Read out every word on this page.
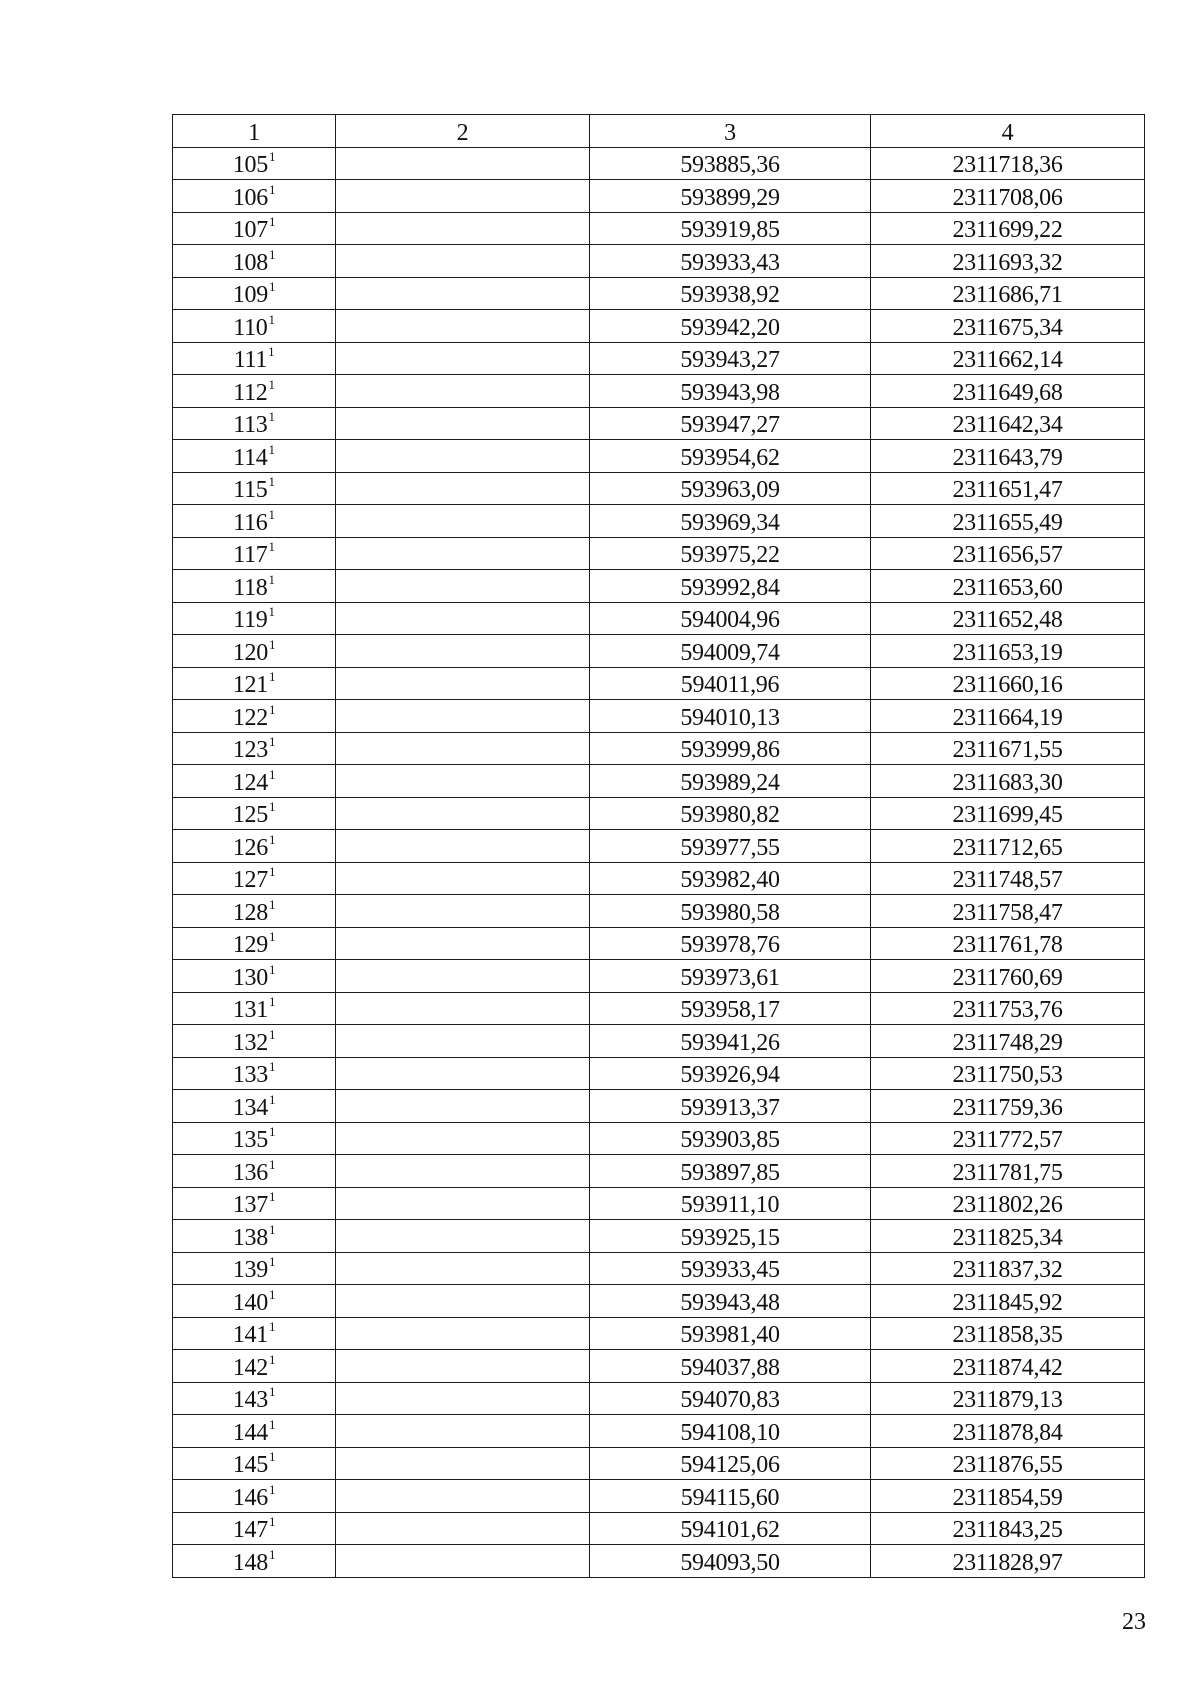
1	2	3	4
$105^1$		593885,36	2311718,36
$106^1$		593899,29	2311708,06
$107^1$		593919,85	2311699,22
$108^1$		593933,43	2311693,32
$109^1$		593938,92	2311686,71
$110^1$		593942,20	2311675,34
$111^1$		593943,27	2311662,14
$112^1$		593943,98	2311649,68
$113^1$		593947,27	2311642,34
$114^1$		593954,62	2311643,79
$115^1$		593963,09	2311651,47
$116^1$		593969,34	2311655,49
$117^1$		593975,22	2311656,57
$118^1$		593992,84	2311653,60
$119^1$		594004,96	2311652,48
$120^1$		594009,74	2311653,19
$121^1$		594011,96	2311660,16
$122^1$		594010,13	2311664,19
$123^1$		593999,86	2311671,55
$124^1$		593989,24	2311683,30
$125^1$		593980,82	2311699,45
$126^1$		593977,55	2311712,65
$127^1$		593982,40	2311748,57
$128^1$		593980,58	2311758,47
$129^1$		593978,76	2311761,78
$130^1$		593973,61	2311760,69
$131^1$		593958,17	2311753,76
$132^1$		593941,26	2311748,29
$133^1$		593926,94	2311750,53
$134^1$		593913,37	2311759,36
$135^1$		593903,85	2311772,57
$136^1$		593897,85	2311781,75
$137^1$		593911,10	2311802,26
$138^1$		593925,15	2311825,34
$139^1$		593933,45	2311837,32
$140^1$		593943,48	2311845,92
$141^1$		593981,40	2311858,35
$142^1$		594037,88	2311874,42
$143^1$		594070,83	2311879,13
$144^1$		594108,10	2311878,84
$145^1$		594125,06	2311876,55
$146^1$		594115,60	2311854,59
$147^1$		594101,62	2311843,25
$148^1$		594093,50	2311828,97
23
